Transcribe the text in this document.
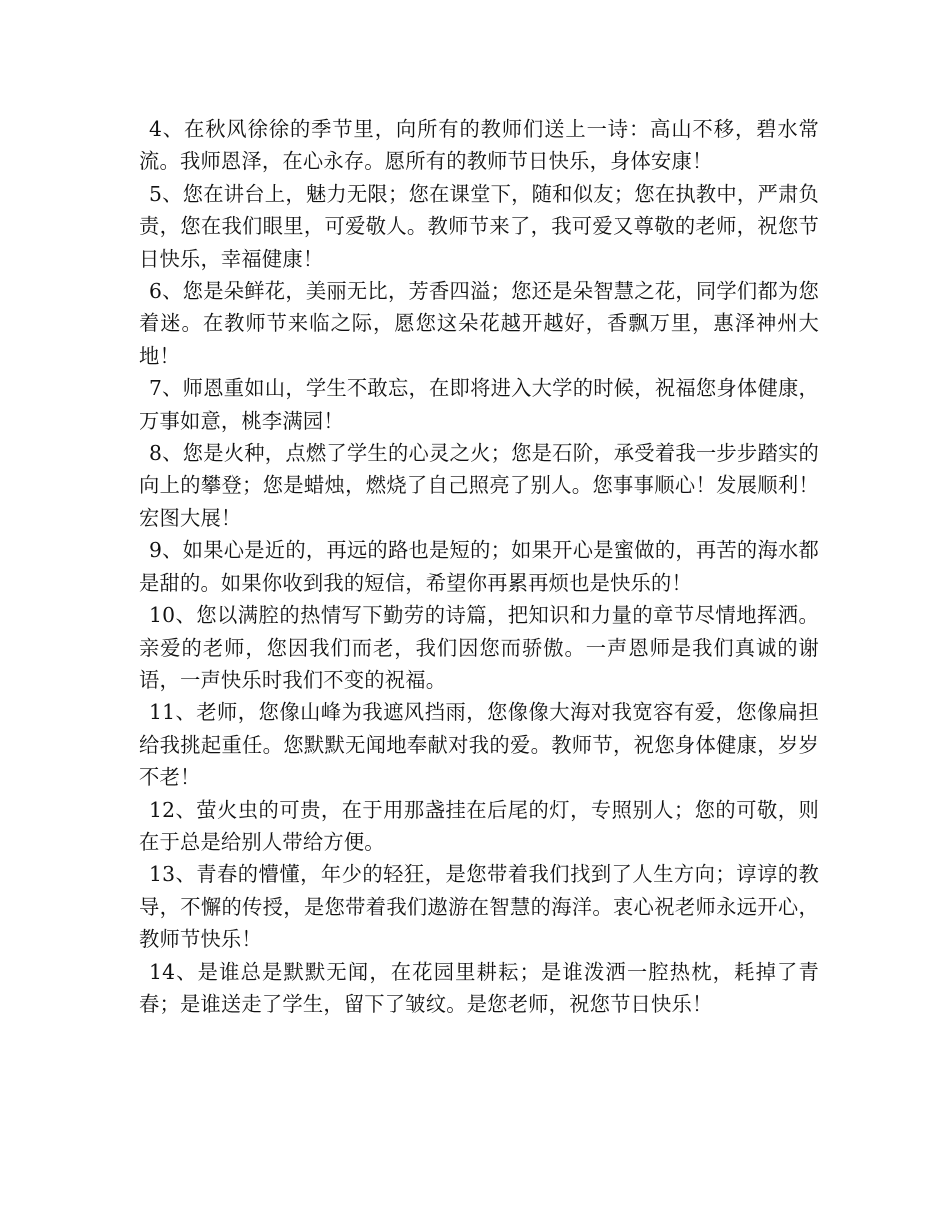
4、在秋风徐徐的季节里，向所有的教师们送上一诗：高山不移，碧水常流。我师恩泽，在心永存。愿所有的教师节日快乐，身体安康！

5、您在讲台上，魅力无限；您在课堂下，随和似友；您在执教中，严肃负责，您在我们眼里，可爱敬人。教师节来了，我可爱又尊敬的老师，祝您节日快乐，幸福健康！

6、您是朵鲜花，美丽无比，芳香四溢；您还是朵智慧之花，同学们都为您着迷。在教师节来临之际，愿您这朵花越开越好，香飘万里，惠泽神州大地！

7、师恩重如山，学生不敢忘，在即将进入大学的时候，祝福您身体健康，万事如意，桃李满园！

8、您是火种，点燃了学生的心灵之火；您是石阶，承受着我一步步踏实的向上的攀登；您是蜡烛，燃烧了自己照亮了别人。您事事顺心！发展顺利！宏图大展！

9、如果心是近的，再远的路也是短的；如果开心是蜜做的，再苦的海水都是甜的。如果你收到我的短信，希望你再累再烦也是快乐的！

10、您以满腔的热情写下勤劳的诗篇，把知识和力量的章节尽情地挥洒。亲爱的老师，您因我们而老，我们因您而骄傲。一声恩师是我们真诚的谢语，一声快乐时我们不变的祝福。

11、老师，您像山峰为我遮风挡雨，您像像大海对我宽容有爱，您像扁担给我挑起重任。您默默无闻地奉献对我的爱。教师节，祝您身体健康，岁岁不老！

12、萤火虫的可贵，在于用那盏挂在后尾的灯，专照别人；您的可敬，则在于总是给别人带给方便。

13、青春的懵懂，年少的轻狂，是您带着我们找到了人生方向；谆谆的教导，不懈的传授，是您带着我们遨游在智慧的海洋。衷心祝老师永远开心，教师节快乐！

14、是谁总是默默无闻，在花园里耕耘；是谁泼洒一腔热枕，耗掉了青春；是谁送走了学生，留下了皱纹。是您老师，祝您节日快乐！
